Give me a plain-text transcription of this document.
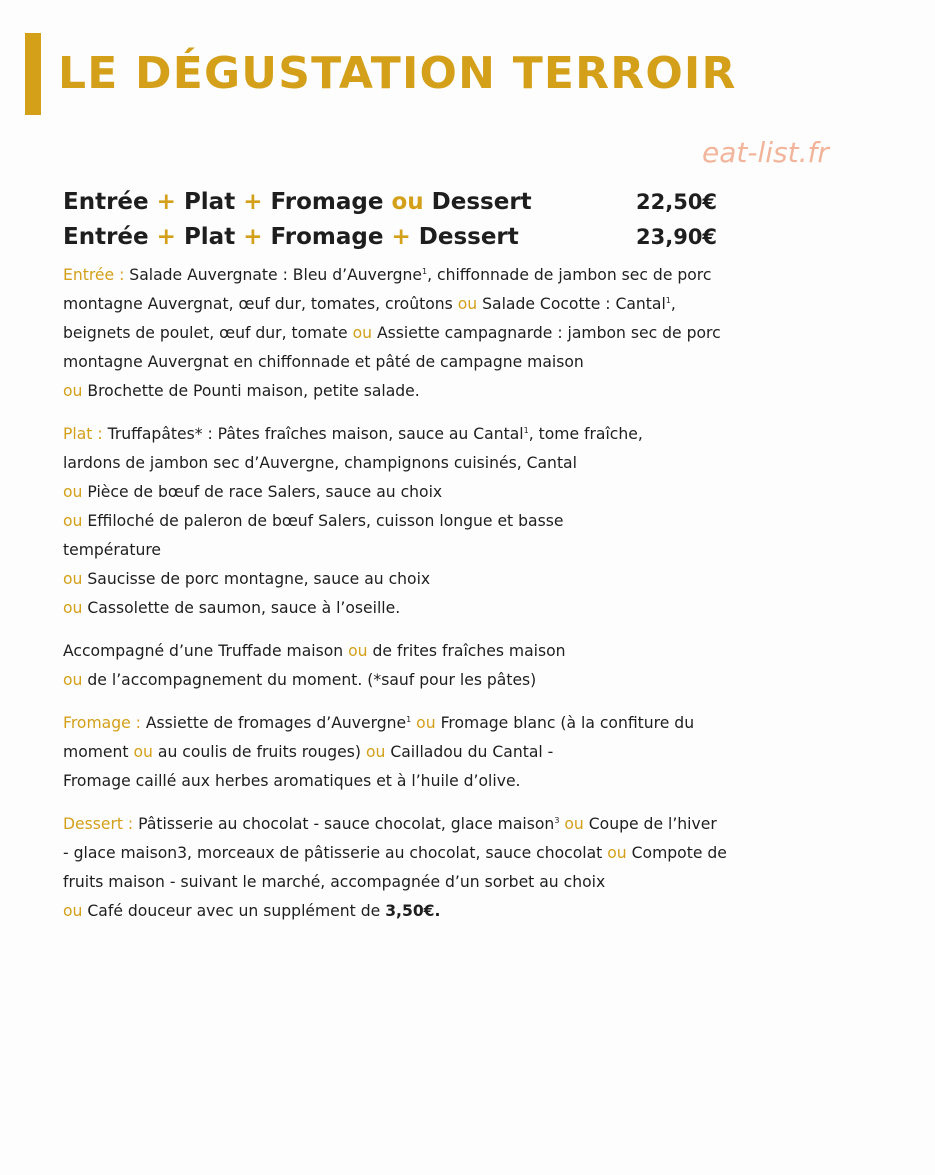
LE DÉGUSTATION TERROIR
eat-list.fr
Entrée + Plat + Fromage ou Dessert	22,50€
Entrée + Plat + Fromage + Dessert	23,90€
Entrée : Salade Auvergnate : Bleu d’Auvergne$^1$, chiffonnade de jambon sec de porc
montagne Auvergnat, œuf dur, tomates, croûtons ou Salade Cocotte : Cantal$^1$,
beignets de poulet, œuf dur, tomate ou Assiette campagnarde : jambon sec de porc
montagne Auvergnat en chiffonnade et pâté de campagne maison
ou Brochette de Pounti maison, petite salade.
Plat : Truffapâtes* : Pâtes fraîches maison, sauce au Cantal$^1$, tome fraîche,
lardons de jambon sec d’Auvergne, champignons cuisinés, Cantal
ou Pièce de bœuf de race Salers, sauce au choix
ou Effiloché de paleron de bœuf Salers, cuisson longue et basse
température
ou Saucisse de porc montagne, sauce au choix
ou Cassolette de saumon, sauce à l’oseille.
Accompagné d’une Truffade maison ou de frites fraîches maison
ou de l’accompagnement du moment. (*sauf pour les pâtes)
Fromage : Assiette de fromages d’Auvergne$^1$ ou Fromage blanc (à la confiture du
moment ou au coulis de fruits rouges) ou Cailladou du Cantal -
Fromage caillé aux herbes aromatiques et à l’huile d’olive.
Dessert : Pâtisserie au chocolat - sauce chocolat, glace maison$^3$ ou Coupe de l’hiver
- glace maison3, morceaux de pâtisserie au chocolat, sauce chocolat ou Compote de
fruits maison - suivant le marché, accompagnée d’un sorbet au choix
ou Café douceur avec un supplément de 3,50€.
